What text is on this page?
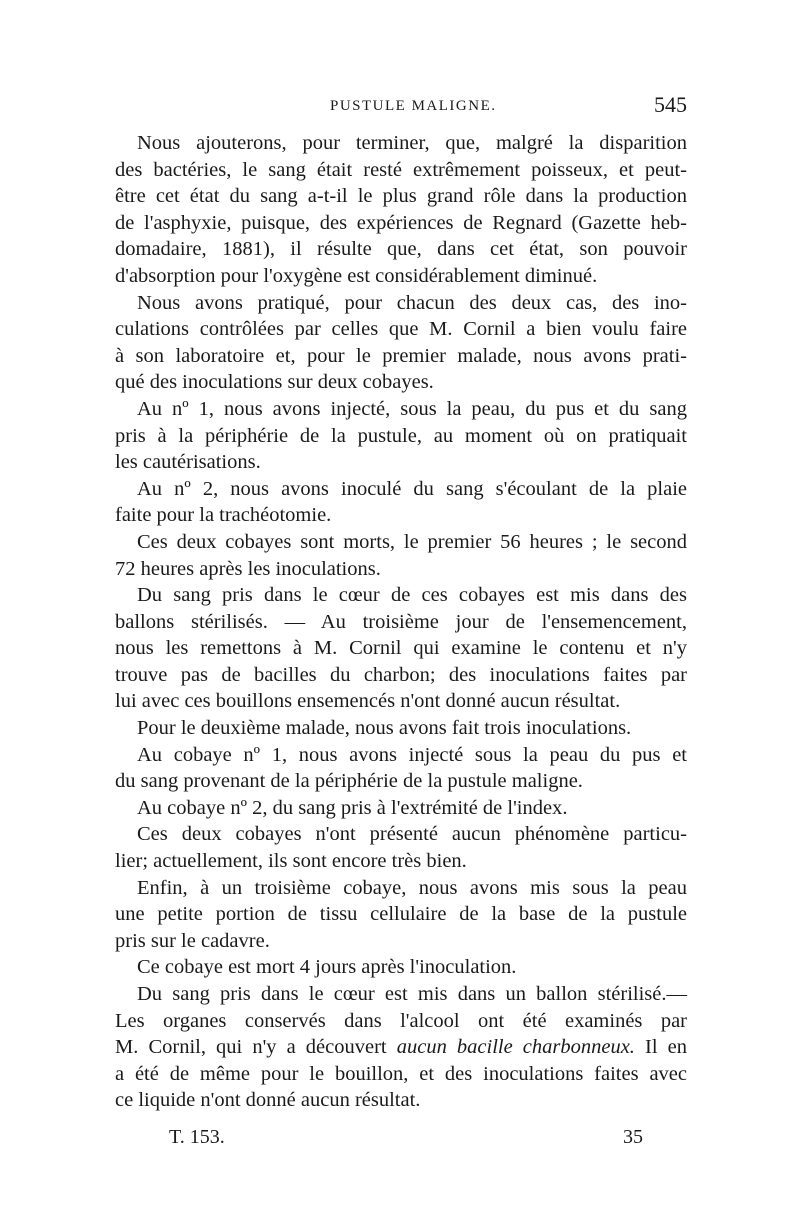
PUSTULE MALIGNE.	545
Nous ajouterons, pour terminer, que, malgré la disparition
des bactéries, le sang était resté extrêmement poisseux, et peut-
être cet état du sang a-t-il le plus grand rôle dans la production
de l'asphyxie, puisque, des expériences de Regnard (Gazette heb-
domadaire, 1881), il résulte que, dans cet état, son pouvoir
d'absorption pour l'oxygène est considérablement diminué.
Nous avons pratiqué, pour chacun des deux cas, des ino-
culations contrôlées par celles que M. Cornil a bien voulu faire
à son laboratoire et, pour le premier malade, nous avons prati-
qué des inoculations sur deux cobayes.
Au nº 1, nous avons injecté, sous la peau, du pus et du sang
pris à la périphérie de la pustule, au moment où on pratiquait
les cautérisations.
Au nº 2, nous avons inoculé du sang s'écoulant de la plaie
faite pour la trachéotomie.
Ces deux cobayes sont morts, le premier 56 heures ; le second
72 heures après les inoculations.
Du sang pris dans le cœur de ces cobayes est mis dans des
ballons stérilisés. — Au troisième jour de l'ensemencement,
nous les remettons à M. Cornil qui examine le contenu et n'y
trouve pas de bacilles du charbon; des inoculations faites par
lui avec ces bouillons ensemencés n'ont donné aucun résultat.
Pour le deuxième malade, nous avons fait trois inoculations.
Au cobaye nº 1, nous avons injecté sous la peau du pus et
du sang provenant de la périphérie de la pustule maligne.
Au cobaye nº 2, du sang pris à l'extrémité de l'index.
Ces deux cobayes n'ont présenté aucun phénomène particu-
lier; actuellement, ils sont encore très bien.
Enfin, à un troisième cobaye, nous avons mis sous la peau
une petite portion de tissu cellulaire de la base de la pustule
pris sur le cadavre.
Ce cobaye est mort 4 jours après l'inoculation.
Du sang pris dans le cœur est mis dans un ballon stérilisé.—
Les organes conservés dans l'alcool ont été examinés par
M. Cornil, qui n'y a découvert aucun bacille charbonneux. Il en
a été de même pour le bouillon, et des inoculations faites avec
ce liquide n'ont donné aucun résultat.
T. 153.	35
